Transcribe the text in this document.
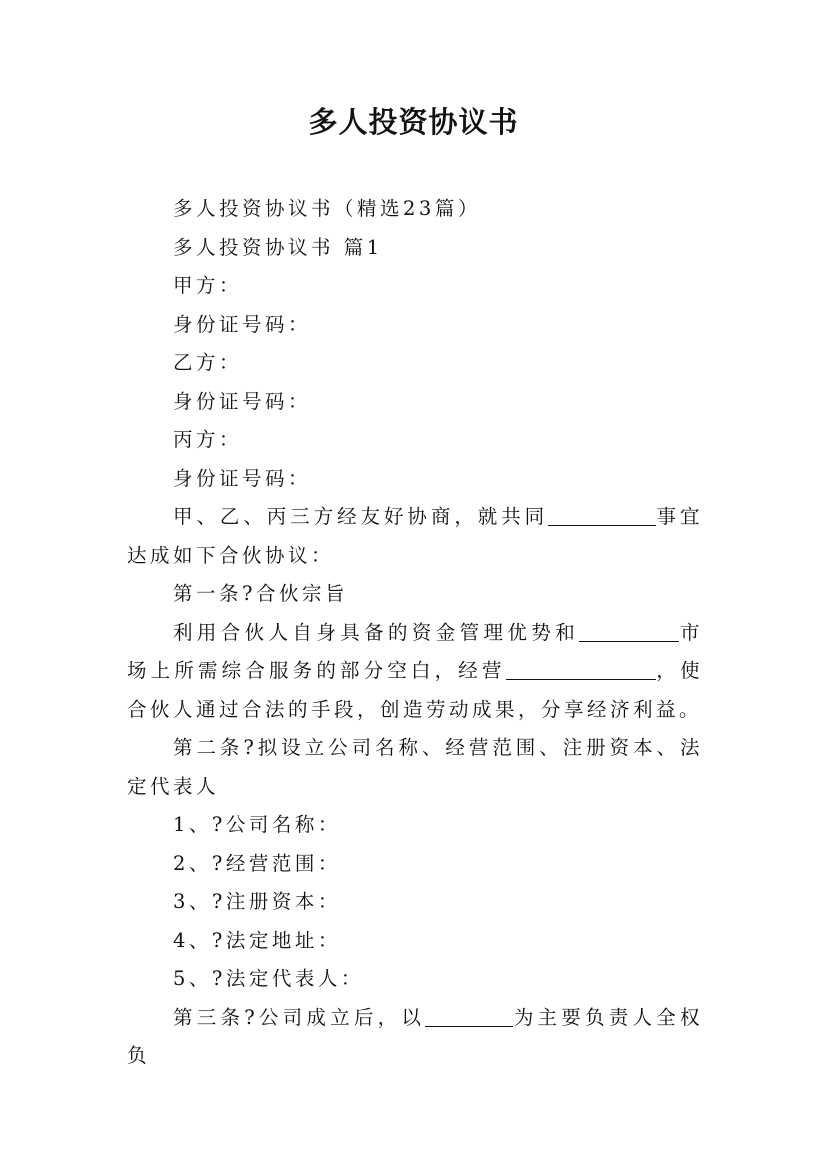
多人投资协议书

多人投资协议书（精选23篇）

多人投资协议书 篇1

甲方：

身份证号码：

乙方：

身份证号码：

丙方：

身份证号码：

甲、乙、丙三方经友好协商，就共同	事宜达成如下合伙协议：

第一条?合伙宗旨

利用合伙人自身具备的资金管理优势和	市场上所需综合服务的部分空白，经营	，使合伙人通过合法的手段，创造劳动成果，分享经济利益。

第二条?拟设立公司名称、经营范围、注册资本、法定代表人

1、?公司名称：

2、?经营范围：

3、?注册资本：

4、?法定地址：

5、?法定代表人：

第三条?公司成立后，以	为主要负责人全权负
